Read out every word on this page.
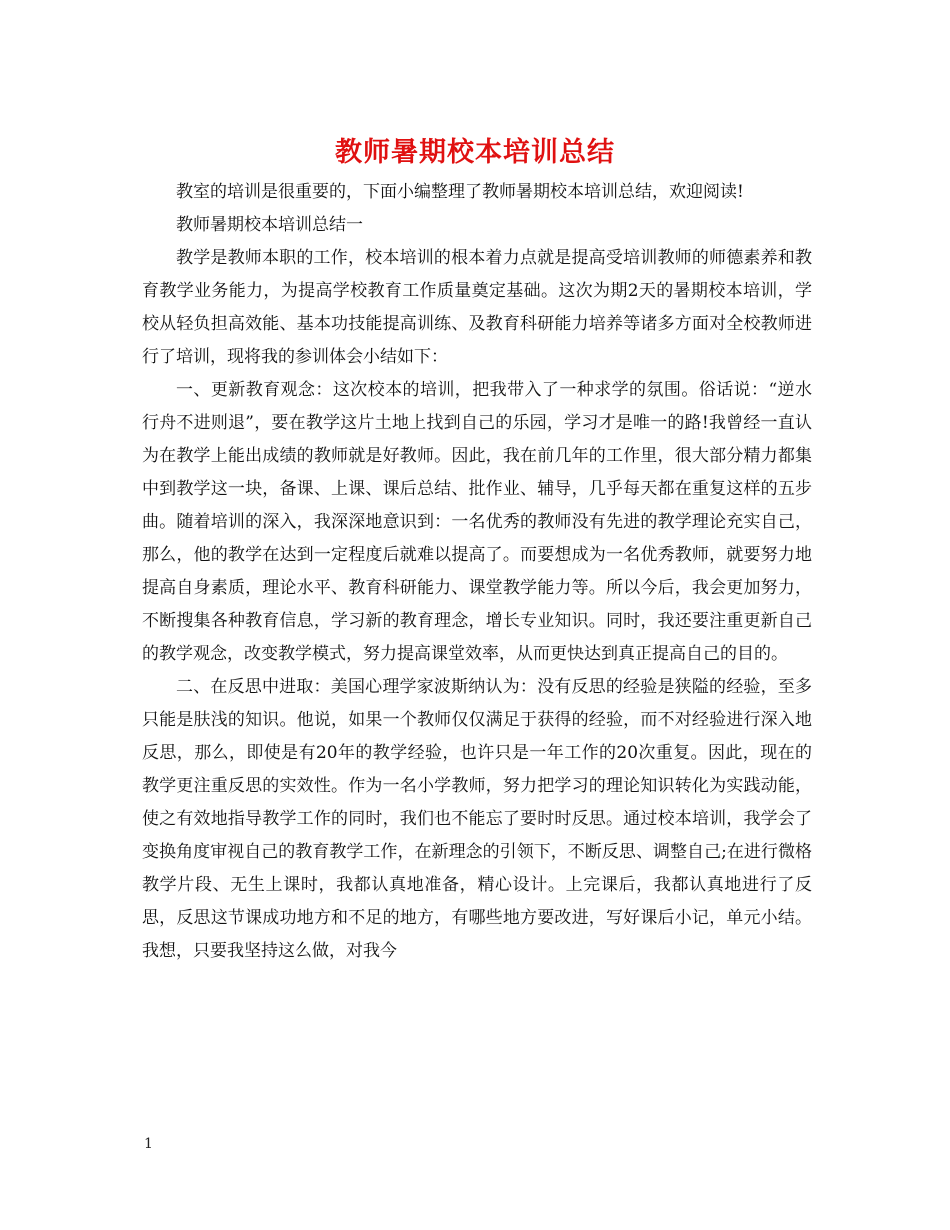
教师暑期校本培训总结

教室的培训是很重要的，下面小编整理了教师暑期校本培训总结，欢迎阅读!

教师暑期校本培训总结一

教学是教师本职的工作，校本培训的根本着力点就是提高受培训教师的师德素养和教育教学业务能力，为提高学校教育工作质量奠定基础。这次为期2天的暑期校本培训，学校从轻负担高效能、基本功技能提高训练、及教育科研能力培养等诸多方面对全校教师进行了培训，现将我的参训体会小结如下：

一、更新教育观念：这次校本的培训，把我带入了一种求学的氛围。俗话说：“逆水行舟不进则退”，要在教学这片土地上找到自己的乐园，学习才是唯一的路!我曾经一直认为在教学上能出成绩的教师就是好教师。因此，我在前几年的工作里，很大部分精力都集中到教学这一块，备课、上课、课后总结、批作业、辅导，几乎每天都在重复这样的五步曲。随着培训的深入，我深深地意识到：一名优秀的教师没有先进的教学理论充实自己，那么，他的教学在达到一定程度后就难以提高了。而要想成为一名优秀教师，就要努力地提高自身素质，理论水平、教育科研能力、课堂教学能力等。所以今后，我会更加努力，不断搜集各种教育信息，学习新的教育理念，增长专业知识。同时，我还要注重更新自己的教学观念，改变教学模式，努力提高课堂效率，从而更快达到真正提高自己的目的。

二、在反思中进取：美国心理学家波斯纳认为：没有反思的经验是狭隘的经验，至多只能是肤浅的知识。他说，如果一个教师仅仅满足于获得的经验，而不对经验进行深入地反思，那么，即使是有20年的教学经验，也许只是一年工作的20次重复。因此，现在的教学更注重反思的实效性。作为一名小学教师，努力把学习的理论知识转化为实践动能，使之有效地指导教学工作的同时，我们也不能忘了要时时反思。通过校本培训，我学会了变换角度审视自己的教育教学工作，在新理念的引领下，不断反思、调整自己;在进行微格教学片段、无生上课时，我都认真地准备，精心设计。上完课后，我都认真地进行了反思，反思这节课成功地方和不足的地方，有哪些地方要改进，写好课后小记，单元小结。我想，只要我坚持这么做，对我今

1
